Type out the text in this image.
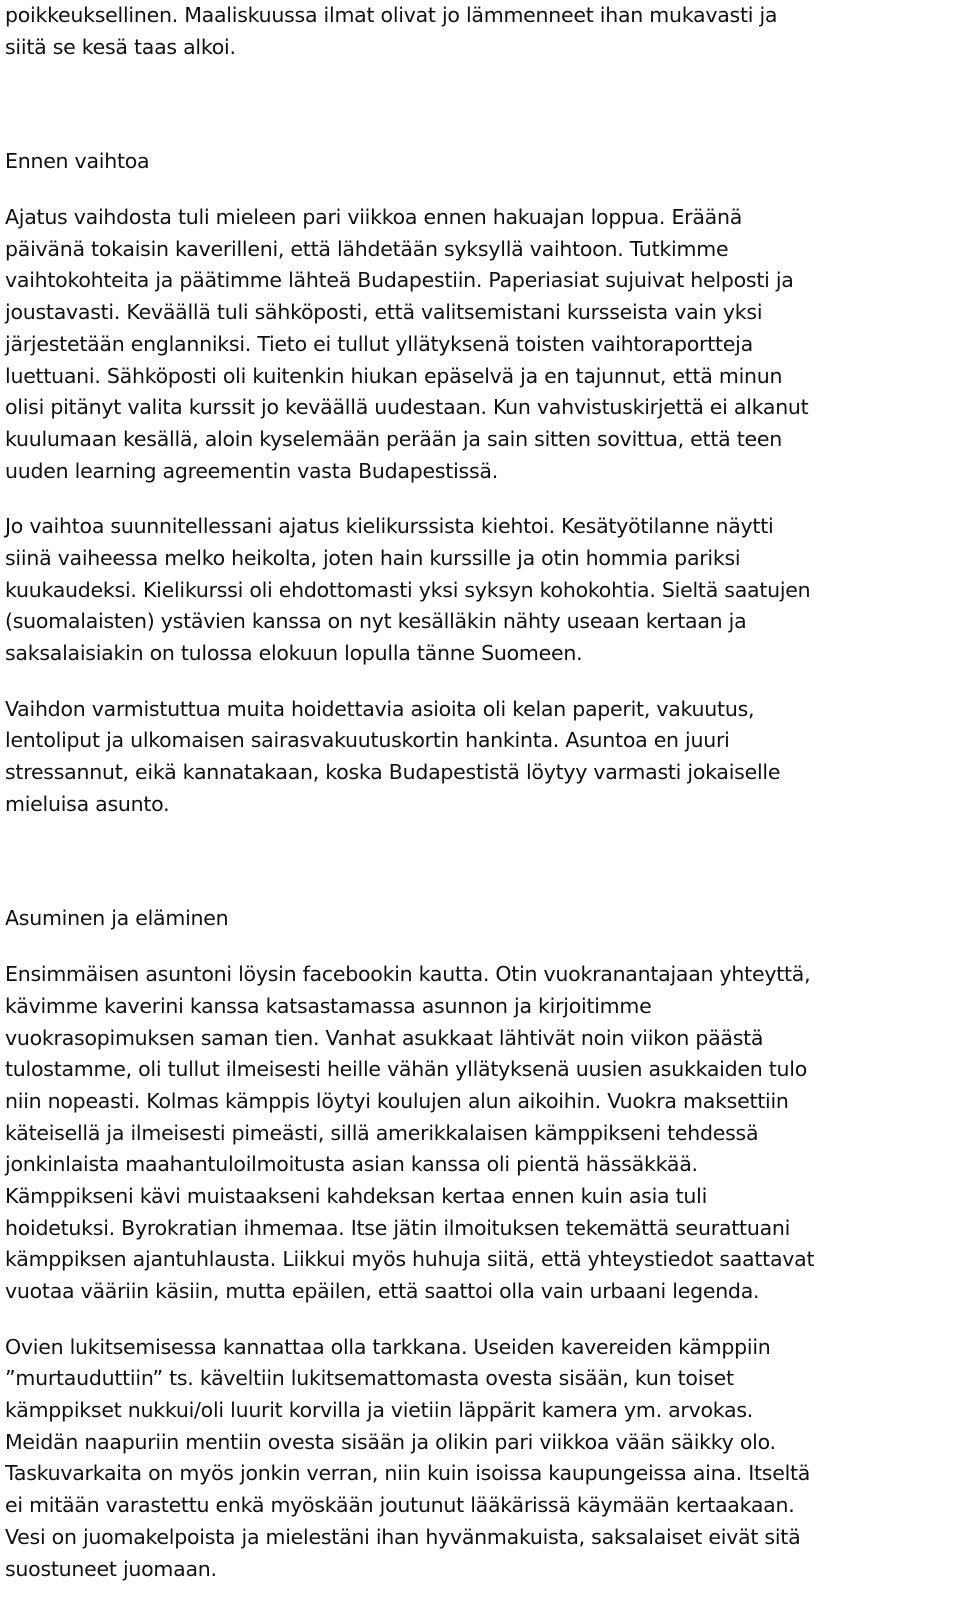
poikkeuksellinen. Maaliskuussa ilmat olivat jo lämmenneet ihan mukavasti ja
siitä se kesä taas alkoi.
Ennen vaihtoa
Ajatus vaihdosta tuli mieleen pari viikkoa ennen hakuajan loppua. Eräänä
päivänä tokaisin kaverilleni, että lähdetään syksyllä vaihtoon. Tutkimme
vaihtokohteita ja päätimme lähteä Budapestiin. Paperiasiat sujuivat helposti ja
joustavasti. Keväällä tuli sähköposti, että valitsemistani kursseista vain yksi
järjestetään englanniksi. Tieto ei tullut yllätyksenä toisten vaihtoraportteja
luettuani. Sähköposti oli kuitenkin hiukan epäselvä ja en tajunnut, että minun
olisi pitänyt valita kurssit jo keväällä uudestaan. Kun vahvistuskirjettä ei alkanut
kuulumaan kesällä, aloin kyselemään perään ja sain sitten sovittua, että teen
uuden learning agreementin vasta Budapestissä.
Jo vaihtoa suunnitellessani ajatus kielikurssista kiehtoi. Kesätyötilanne näytti
siinä vaiheessa melko heikolta, joten hain kurssille ja otin hommia pariksi
kuukaudeksi. Kielikurssi oli ehdottomasti yksi syksyn kohokohtia. Sieltä saatujen
(suomalaisten) ystävien kanssa on nyt kesälläkin nähty useaan kertaan ja
saksalaisiakin on tulossa elokuun lopulla tänne Suomeen.
Vaihdon varmistuttua muita hoidettavia asioita oli kelan paperit, vakuutus,
lentoliput ja ulkomaisen sairasvakuutuskortin hankinta. Asuntoa en juuri
stressannut, eikä kannatakaan, koska Budapestistä löytyy varmasti jokaiselle
mieluisa asunto.
Asuminen ja eläminen
Ensimmäisen asuntoni löysin facebookin kautta. Otin vuokranantajaan yhteyttä,
kävimme kaverini kanssa katsastamassa asunnon ja kirjoitimme
vuokrasopimuksen saman tien. Vanhat asukkaat lähtivät noin viikon päästä
tulostamme, oli tullut ilmeisesti heille vähän yllätyksenä uusien asukkaiden tulo
niin nopeasti. Kolmas kämppis löytyi koulujen alun aikoihin. Vuokra maksettiin
käteisellä ja ilmeisesti pimeästi, sillä amerikkalaisen kämppikseni tehdessä
jonkinlaista maahantuloilmoitusta asian kanssa oli pientä hässäkkää.
Kämppikseni kävi muistaakseni kahdeksan kertaa ennen kuin asia tuli
hoidetuksi. Byrokratian ihmemaa. Itse jätin ilmoituksen tekemättä seurattuani
kämppiksen ajantuhlausta. Liikkui myös huhuja siitä, että yhteystiedot saattavat
vuotaa vääriin käsiin, mutta epäilen, että saattoi olla vain urbaani legenda.
Ovien lukitsemisessa kannattaa olla tarkkana. Useiden kavereiden kämppiin
”murtauduttiin” ts. käveltiin lukitsemattomasta ovesta sisään, kun toiset
kämppikset nukkui/oli luurit korvilla ja vietiin läppärit kamera ym. arvokas.
Meidän naapuriin mentiin ovesta sisään ja olikin pari viikkoa vään säikky olo.
Taskuvarkaita on myös jonkin verran, niin kuin isoissa kaupungeissa aina. Itseltä
ei mitään varastettu enkä myöskään joutunut lääkärissä käymään kertaakaan.
Vesi on juomakelpoista ja mielestäni ihan hyvänmakuista, saksalaiset eivät sitä
suostuneet juomaan.
